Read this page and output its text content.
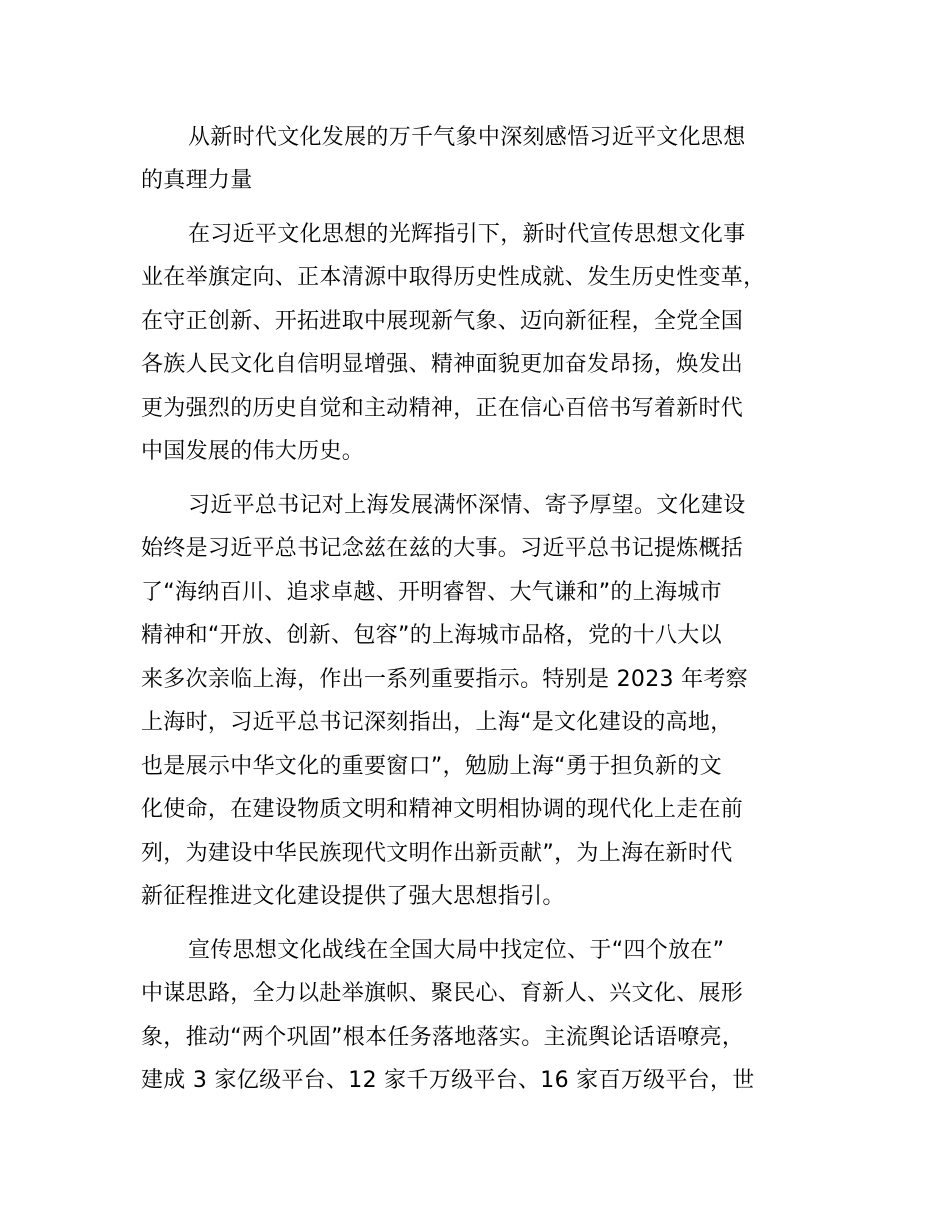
从新时代文化发展的万千气象中深刻感悟习近平文化思想
的真理力量
在习近平文化思想的光辉指引下，新时代宣传思想文化事
业在举旗定向、正本清源中取得历史性成就、发生历史性变革，
在守正创新、开拓进取中展现新气象、迈向新征程，全党全国
各族人民文化自信明显增强、精神面貌更加奋发昂扬，焕发出
更为强烈的历史自觉和主动精神，正在信心百倍书写着新时代
中国发展的伟大历史。
习近平总书记对上海发展满怀深情、寄予厚望。文化建设
始终是习近平总书记念兹在兹的大事。习近平总书记提炼概括
了“海纳百川、追求卓越、开明睿智、大气谦和”的上海城市
精神和“开放、创新、包容”的上海城市品格，党的十八大以
来多次亲临上海，作出一系列重要指示。特别是 2023 年考察
上海时，习近平总书记深刻指出，上海“是文化建设的高地，
也是展示中华文化的重要窗口”，勉励上海“勇于担负新的文
化使命，在建设物质文明和精神文明相协调的现代化上走在前
列，为建设中华民族现代文明作出新贡献”，为上海在新时代
新征程推进文化建设提供了强大思想指引。
宣传思想文化战线在全国大局中找定位、于“四个放在”
中谋思路，全力以赴举旗帜、聚民心、育新人、兴文化、展形
象，推动“两个巩固”根本任务落地落实。主流舆论话语嘹亮，
建成 3 家亿级平台、12 家千万级平台、16 家百万级平台，世
